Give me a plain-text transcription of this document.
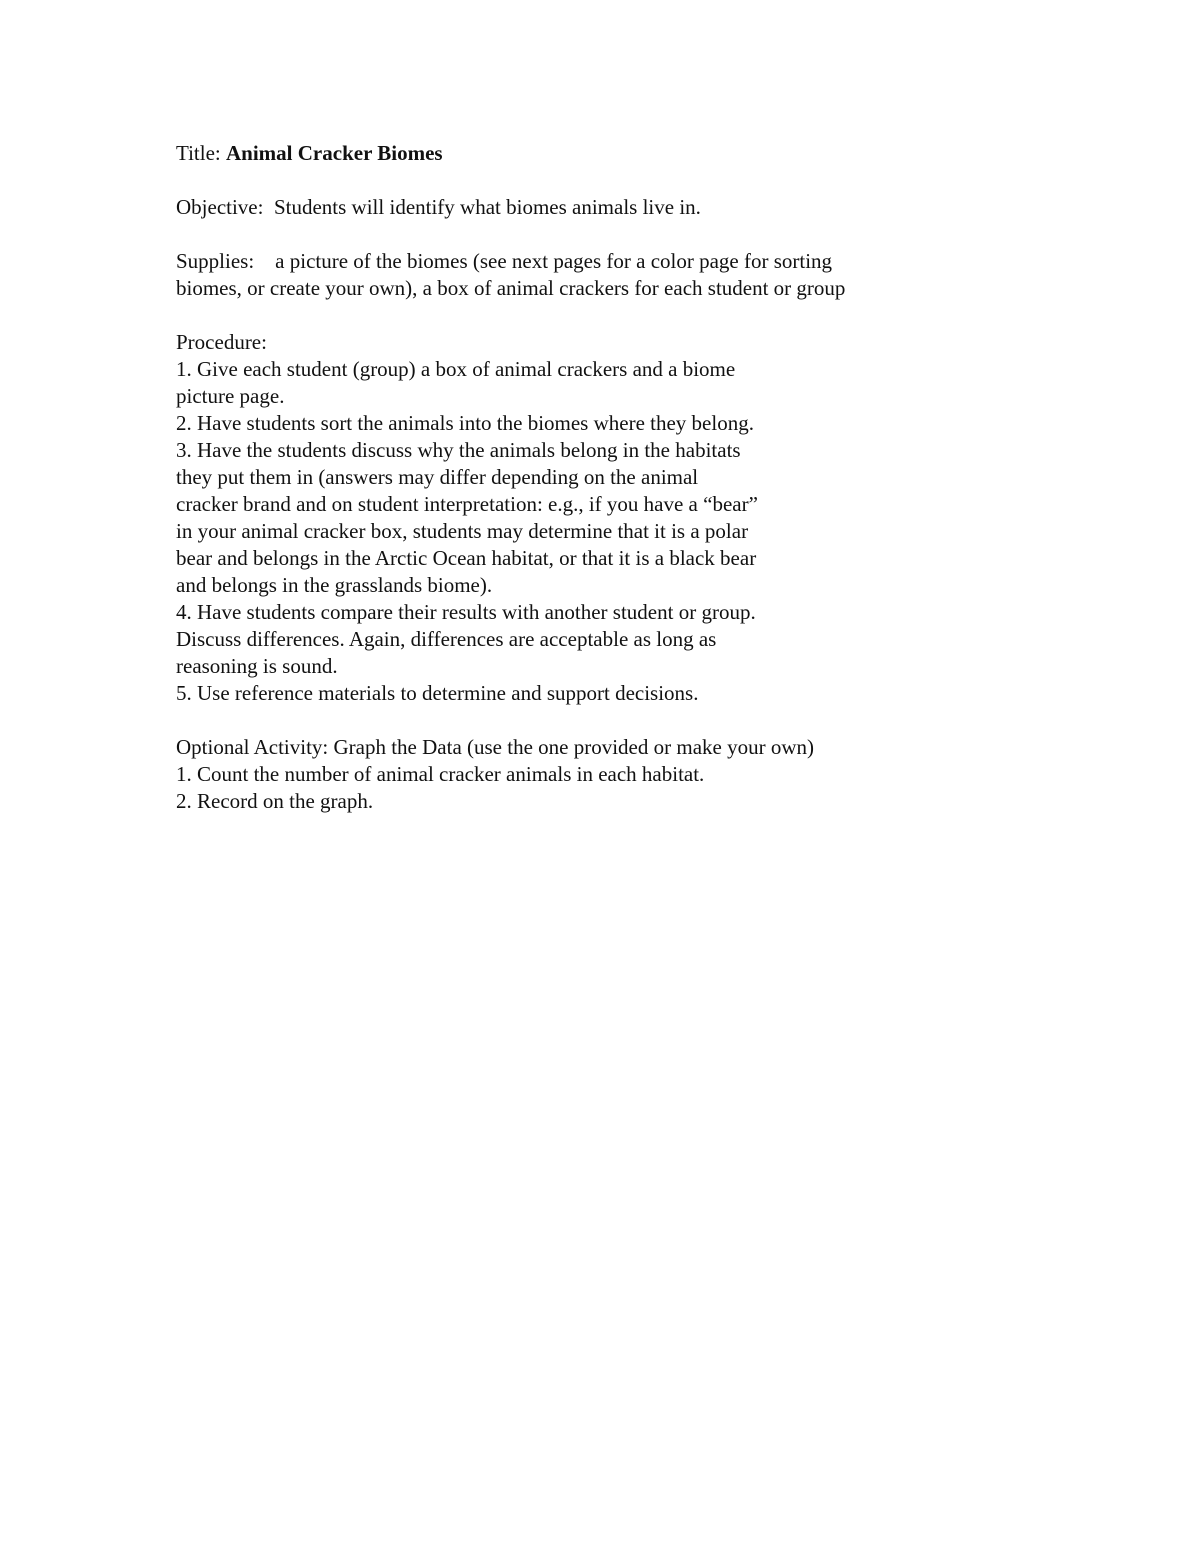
Title: Animal Cracker Biomes
Objective:  Students will identify what biomes animals live in.
Supplies:    a picture of the biomes (see next pages for a color page for sorting
biomes, or create your own), a box of animal crackers for each student or group
Procedure:
1. Give each student (group) a box of animal crackers and a biome
picture page.
2. Have students sort the animals into the biomes where they belong.
3. Have the students discuss why the animals belong in the habitats
they put them in (answers may differ depending on the animal
cracker brand and on student interpretation: e.g., if you have a “bear”
in your animal cracker box, students may determine that it is a polar
bear and belongs in the Arctic Ocean habitat, or that it is a black bear
and belongs in the grasslands biome).
4. Have students compare their results with another student or group.
Discuss differences. Again, differences are acceptable as long as
reasoning is sound.
5. Use reference materials to determine and support decisions.
Optional Activity: Graph the Data (use the one provided or make your own)
1. Count the number of animal cracker animals in each habitat.
2. Record on the graph.
